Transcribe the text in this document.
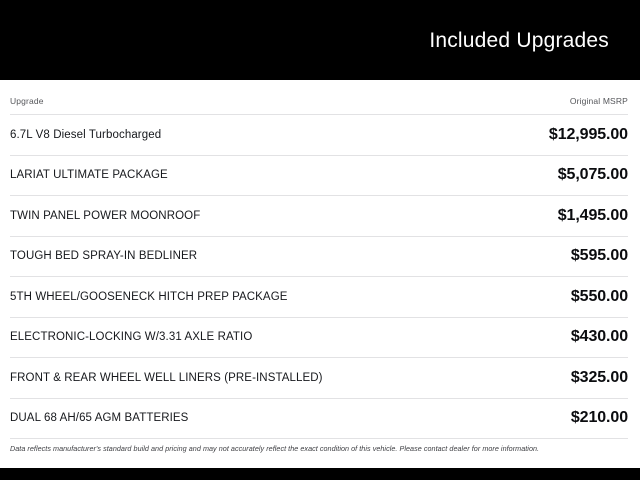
Included Upgrades
Upgrade	Original MSRP
6.7L V8 Diesel Turbocharged	$12,995.00
LARIAT ULTIMATE PACKAGE	$5,075.00
TWIN PANEL POWER MOONROOF	$1,495.00
TOUGH BED SPRAY-IN BEDLINER	$595.00
5TH WHEEL/GOOSENECK HITCH PREP PACKAGE	$550.00
ELECTRONIC-LOCKING W/3.31 AXLE RATIO	$430.00
FRONT & REAR WHEEL WELL LINERS (PRE-INSTALLED)	$325.00
DUAL 68 AH/65 AGM BATTERIES	$210.00
Data reflects manufacturer's standard build and pricing and may not accurately reflect the exact condition of this vehicle. Please contact dealer for more information.
